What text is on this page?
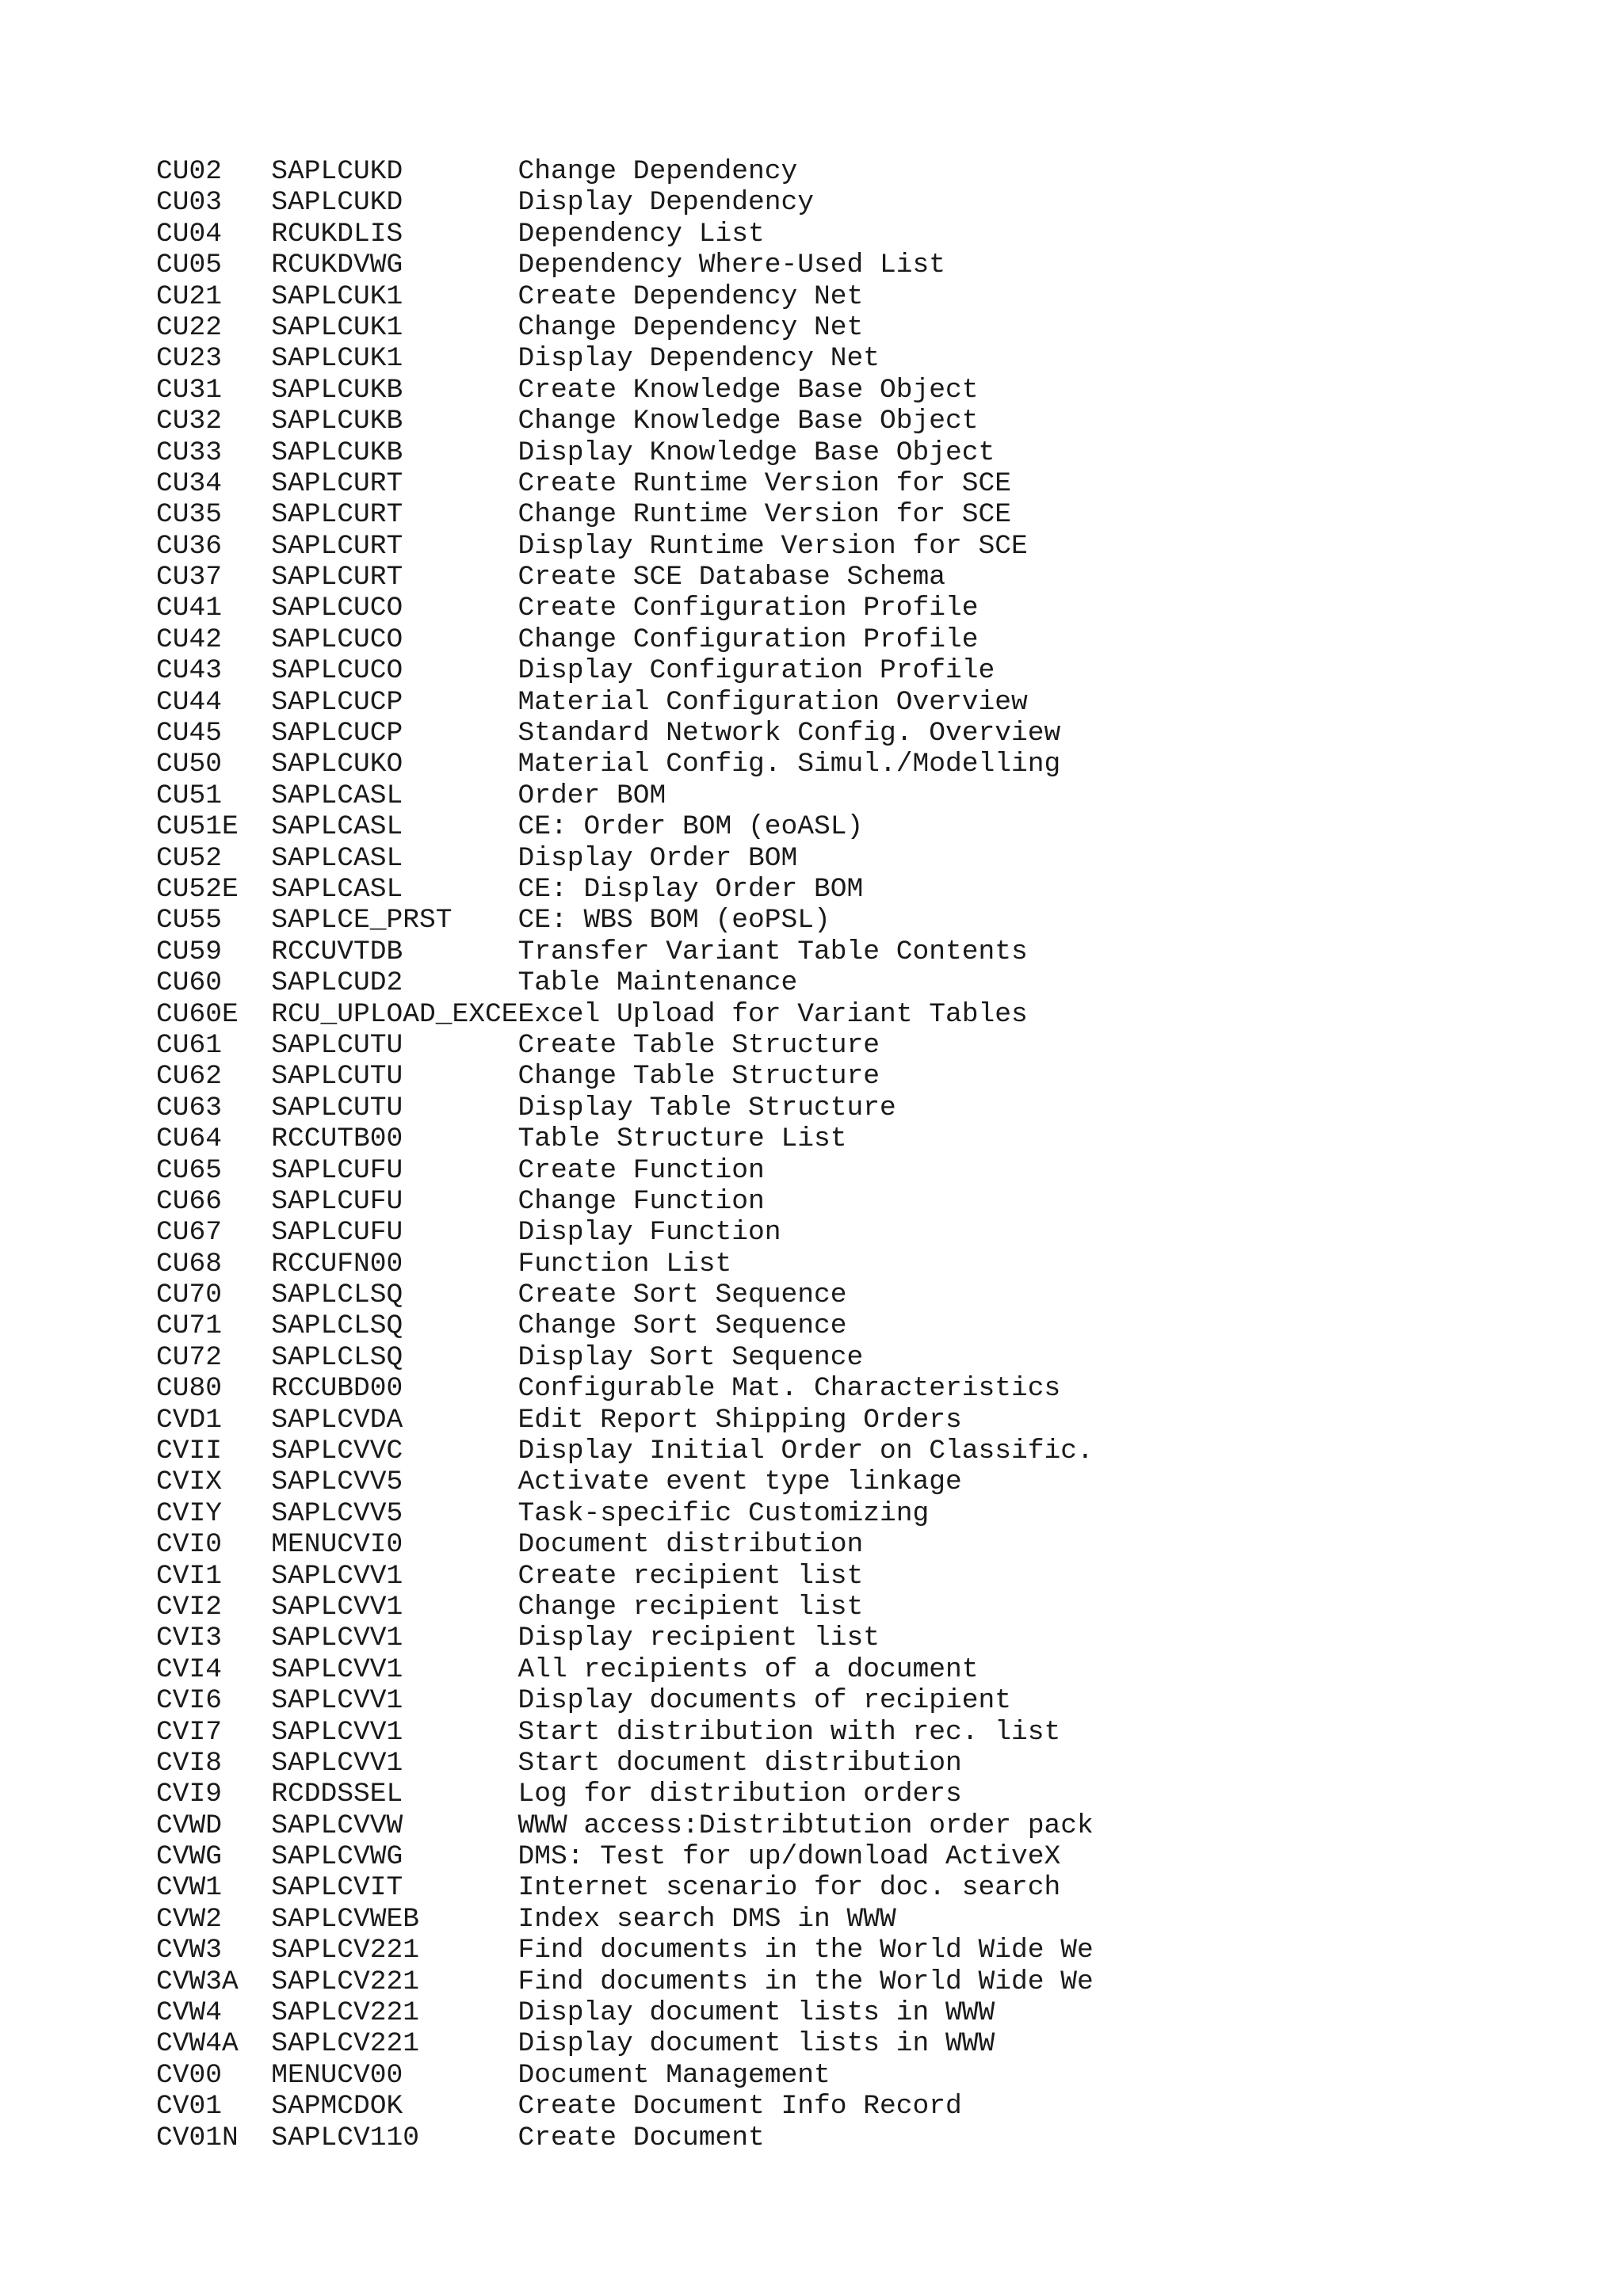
CU02   SAPLCUKD       Change Dependency
CU03   SAPLCUKD       Display Dependency
CU04   RCUKDLIS       Dependency List
CU05   RCUKDVWG       Dependency Where-Used List
CU21   SAPLCUK1       Create Dependency Net
CU22   SAPLCUK1       Change Dependency Net
CU23   SAPLCUK1       Display Dependency Net
CU31   SAPLCUKB       Create Knowledge Base Object
CU32   SAPLCUKB       Change Knowledge Base Object
CU33   SAPLCUKB       Display Knowledge Base Object
CU34   SAPLCURT       Create Runtime Version for SCE
CU35   SAPLCURT       Change Runtime Version for SCE
CU36   SAPLCURT       Display Runtime Version for SCE
CU37   SAPLCURT       Create SCE Database Schema
CU41   SAPLCUCO       Create Configuration Profile
CU42   SAPLCUCO       Change Configuration Profile
CU43   SAPLCUCO       Display Configuration Profile
CU44   SAPLCUCP       Material Configuration Overview
CU45   SAPLCUCP       Standard Network Config. Overview
CU50   SAPLCUKO       Material Config. Simul./Modelling
CU51   SAPLCASL       Order BOM
CU51E  SAPLCASL       CE: Order BOM (eoASL)
CU52   SAPLCASL       Display Order BOM
CU52E  SAPLCASL       CE: Display Order BOM
CU55   SAPLCE_PRST    CE: WBS BOM (eoPSL)
CU59   RCCUVTDB       Transfer Variant Table Contents
CU60   SAPLCUD2       Table Maintenance
CU60E  RCU_UPLOAD_EXCEExcel Upload for Variant Tables
CU61   SAPLCUTU       Create Table Structure
CU62   SAPLCUTU       Change Table Structure
CU63   SAPLCUTU       Display Table Structure
CU64   RCCUTB00       Table Structure List
CU65   SAPLCUFU       Create Function
CU66   SAPLCUFU       Change Function
CU67   SAPLCUFU       Display Function
CU68   RCCUFN00       Function List
CU70   SAPLCLSQ       Create Sort Sequence
CU71   SAPLCLSQ       Change Sort Sequence
CU72   SAPLCLSQ       Display Sort Sequence
CU80   RCCUBD00       Configurable Mat. Characteristics
CVD1   SAPLCVDA       Edit Report Shipping Orders
CVII   SAPLCVVC       Display Initial Order on Classific.
CVIX   SAPLCVV5       Activate event type linkage
CVIY   SAPLCVV5       Task-specific Customizing
CVI0   MENUCVI0       Document distribution
CVI1   SAPLCVV1       Create recipient list
CVI2   SAPLCVV1       Change recipient list
CVI3   SAPLCVV1       Display recipient list
CVI4   SAPLCVV1       All recipients of a document
CVI6   SAPLCVV1       Display documents of recipient
CVI7   SAPLCVV1       Start distribution with rec. list
CVI8   SAPLCVV1       Start document distribution
CVI9   RCDDSSEL       Log for distribution orders
CVWD   SAPLCVVW       WWW access:Distribtution order pack
CVWG   SAPLCVWG       DMS: Test for up/download ActiveX
CVW1   SAPLCVIT       Internet scenario for doc. search
CVW2   SAPLCVWEB      Index search DMS in WWW
CVW3   SAPLCV221      Find documents in the World Wide We
CVW3A  SAPLCV221      Find documents in the World Wide We
CVW4   SAPLCV221      Display document lists in WWW
CVW4A  SAPLCV221      Display document lists in WWW
CV00   MENUCV00       Document Management
CV01   SAPMCDOK       Create Document Info Record
CV01N  SAPLCV110      Create Document
